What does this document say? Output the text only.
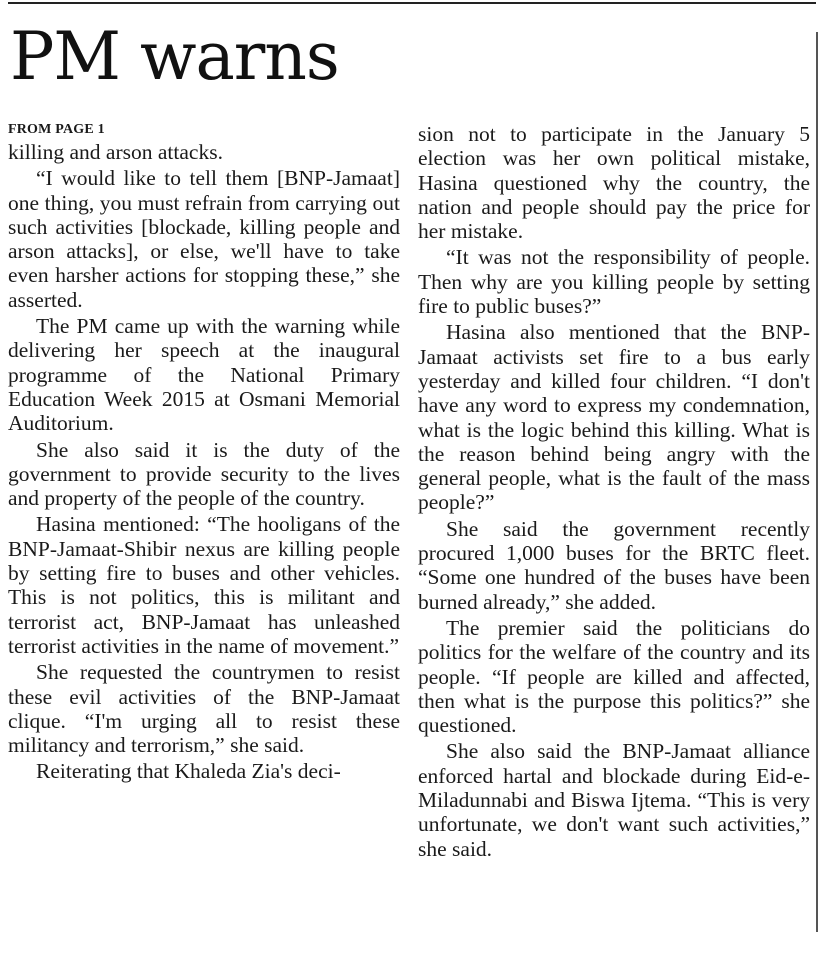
PM warns
FROM PAGE 1

killing and arson attacks.

“I would like to tell them [BNP-Jamaat] one thing, you must refrain from carrying out such activities [blockade, killing people and arson attacks], or else, we'll have to take even harsher actions for stopping these,” she asserted.

The PM came up with the warning while delivering her speech at the inaugural programme of the National Primary Education Week 2015 at Osmani Memorial Auditorium.

She also said it is the duty of the government to provide security to the lives and property of the people of the country.

Hasina mentioned: “The hooligans of the BNP-Jamaat-Shibir nexus are killing people by setting fire to buses and other vehicles. This is not politics, this is militant and terrorist act, BNP-Jamaat has unleashed terrorist activities in the name of movement.”

She requested the countrymen to resist these evil activities of the BNP-Jamaat clique. “I'm urging all to resist these militancy and terrorism,” she said.

Reiterating that Khaleda Zia's deci-

sion not to participate in the January 5 election was her own political mistake, Hasina questioned why the country, the nation and people should pay the price for her mistake.

“It was not the responsibility of people. Then why are you killing people by setting fire to public buses?”

Hasina also mentioned that the BNP-Jamaat activists set fire to a bus early yesterday and killed four children. “I don't have any word to express my condemnation, what is the logic behind this killing. What is the reason behind being angry with the general people, what is the fault of the mass people?”

She said the government recently procured 1,000 buses for the BRTC fleet. “Some one hundred of the buses have been burned already,” she added.

The premier said the politicians do politics for the welfare of the country and its people. “If people are killed and affected, then what is the purpose this politics?” she questioned.

She also said the BNP-Jamaat alliance enforced hartal and blockade during Eid-e-Miladunnabi and Biswa Ijtema. “This is very unfortunate, we don't want such activities,” she said.
